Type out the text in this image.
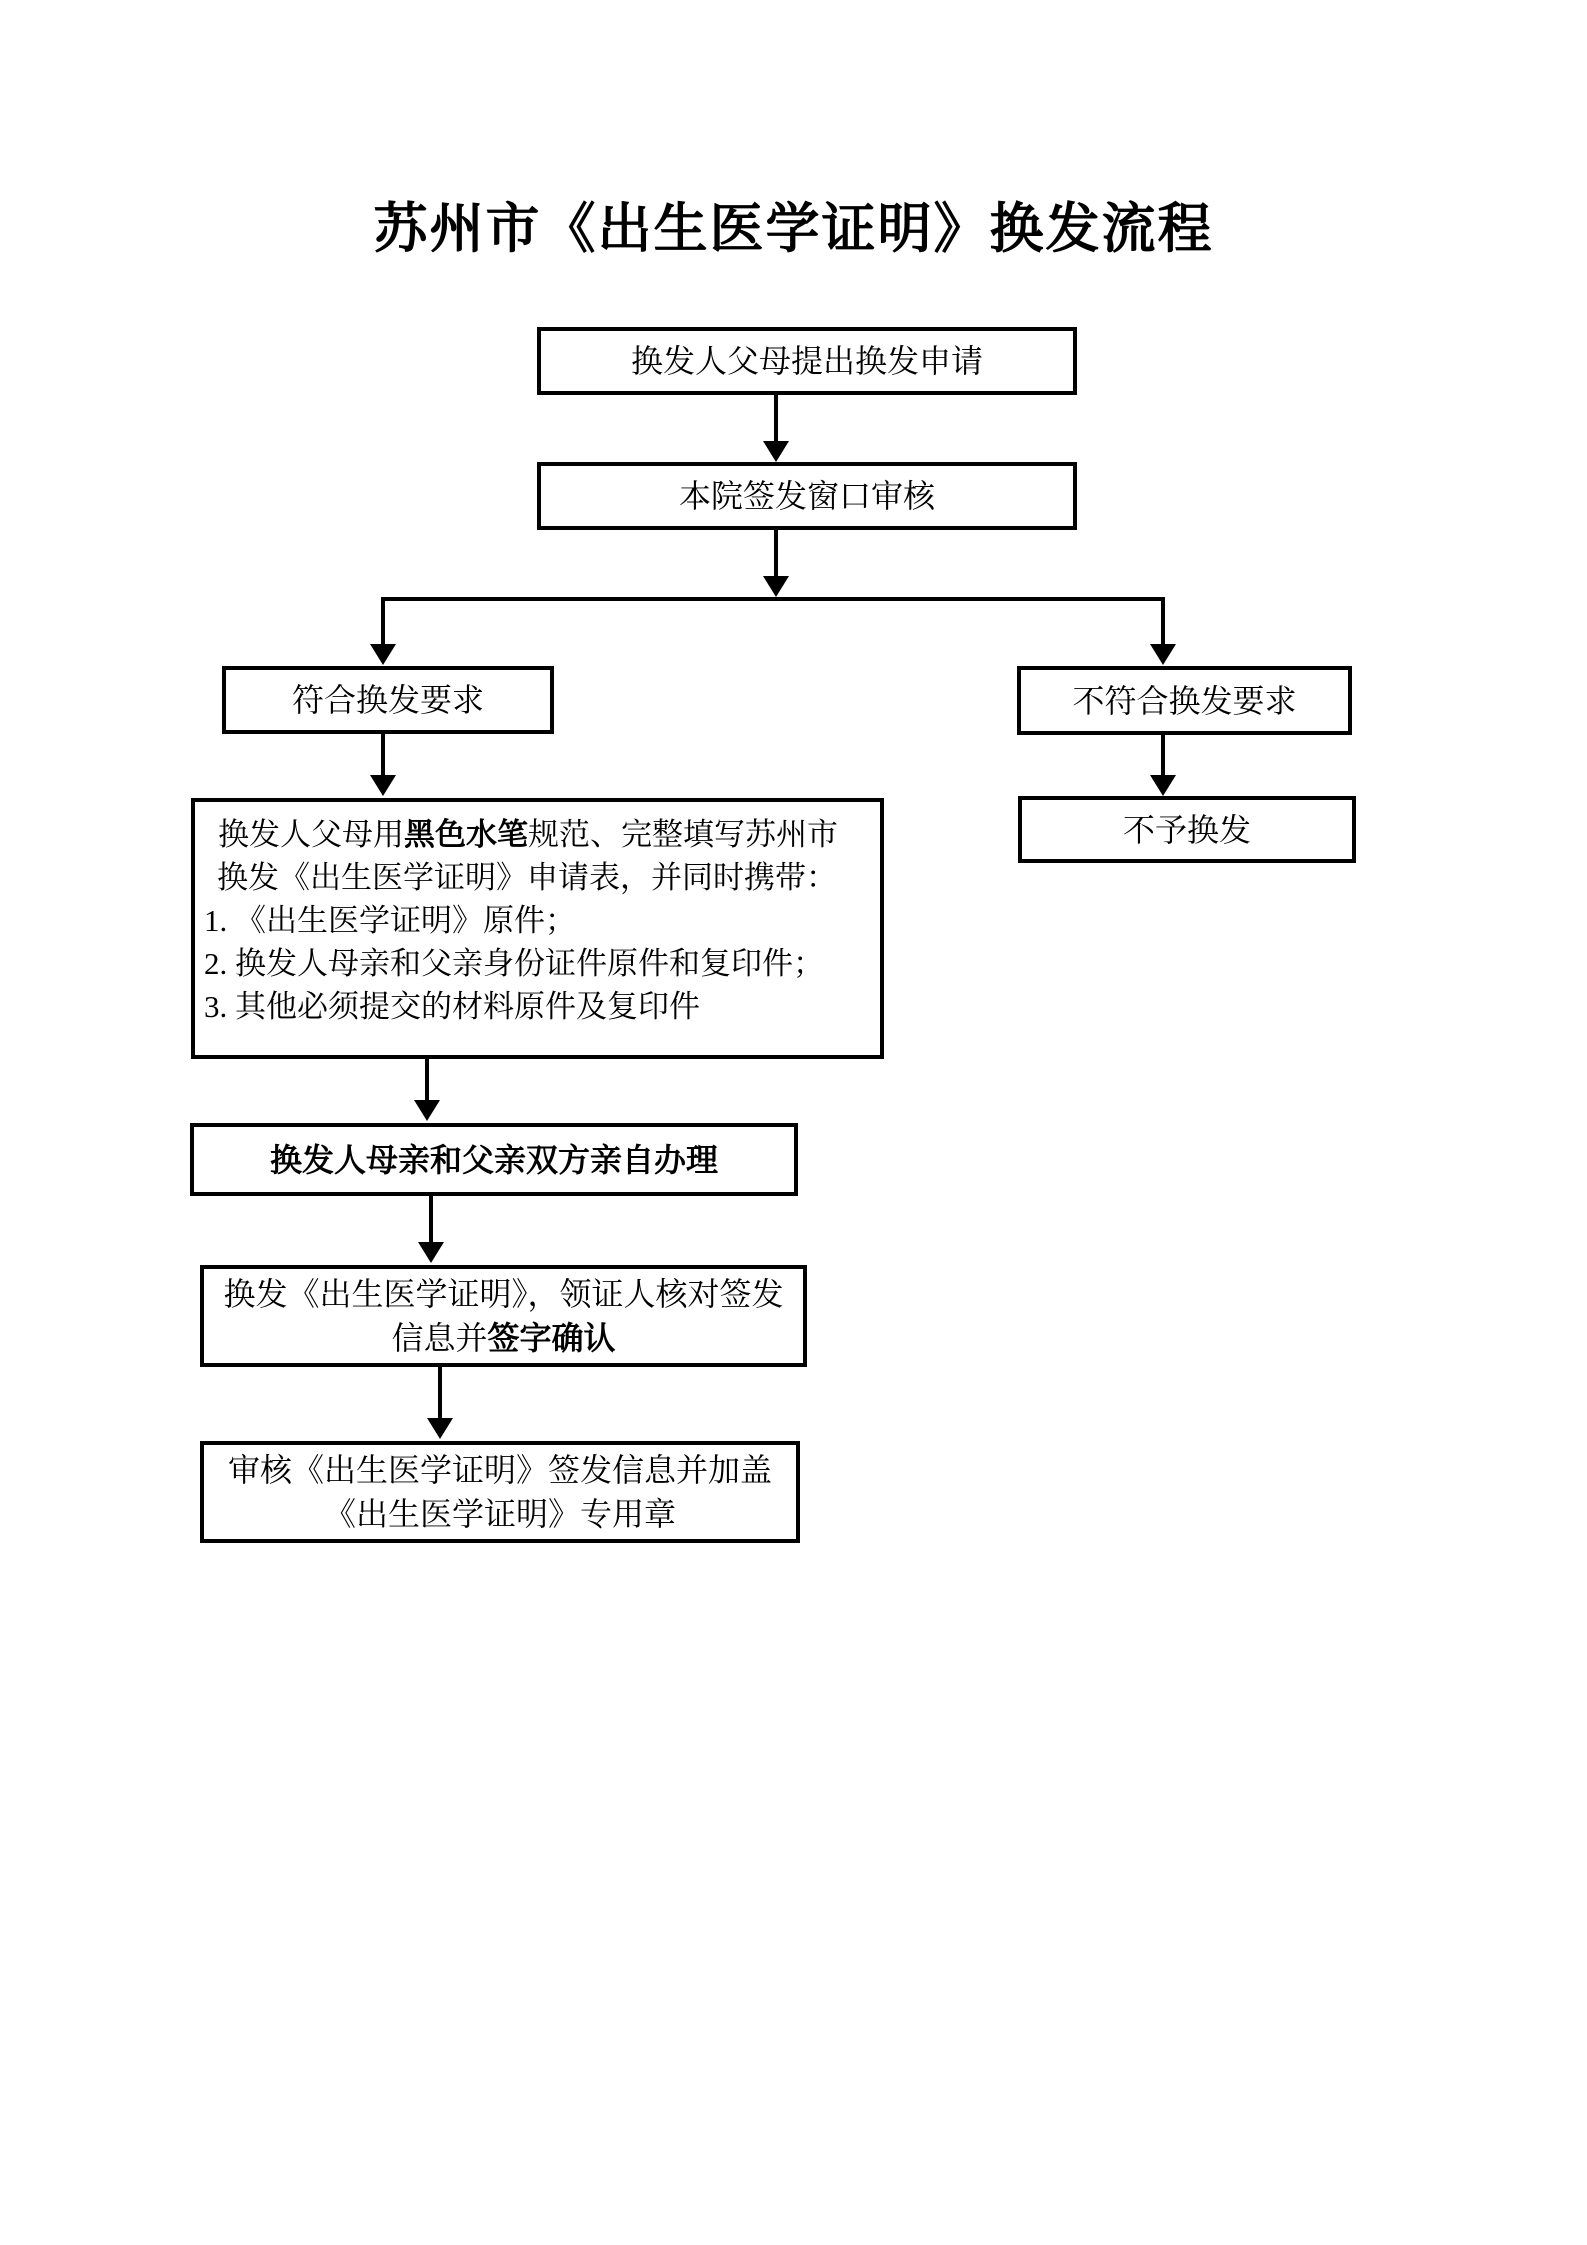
苏州市《出生医学证明》换发流程
换发人父母提出换发申请
本院签发窗口审核
符合换发要求	不符合换发要求
不予换发
换发人父母用黑色水笔规范、完整填写苏州市
换发《出生医学证明》申请表，并同时携带：
1. 《出生医学证明》原件；
2. 换发人母亲和父亲身份证件原件和复印件；
3. 其他必须提交的材料原件及复印件
换发人母亲和父亲双方亲自办理
换发《出生医学证明》，领证人核对签发
信息并签字确认
审核《出生医学证明》签发信息并加盖
《出生医学证明》专用章
